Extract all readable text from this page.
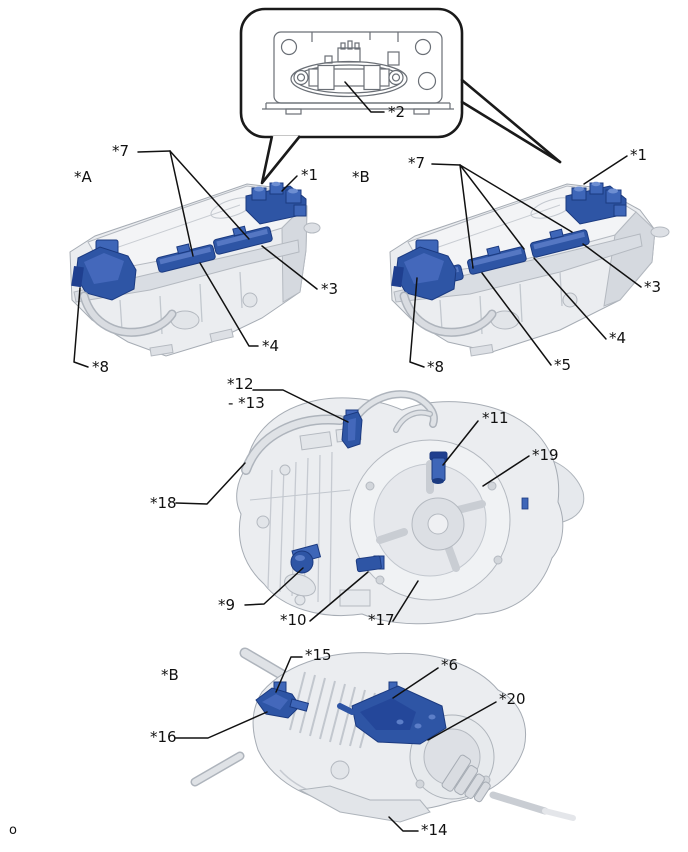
*2
*A
*7
*1
*3
*4
*8
*B
*7	*1
*3
*4
*5
*8
*12
- *13
*11
*19
*18
*9
*10	*17
*B
*15
*6
*20
*16
*14
o
